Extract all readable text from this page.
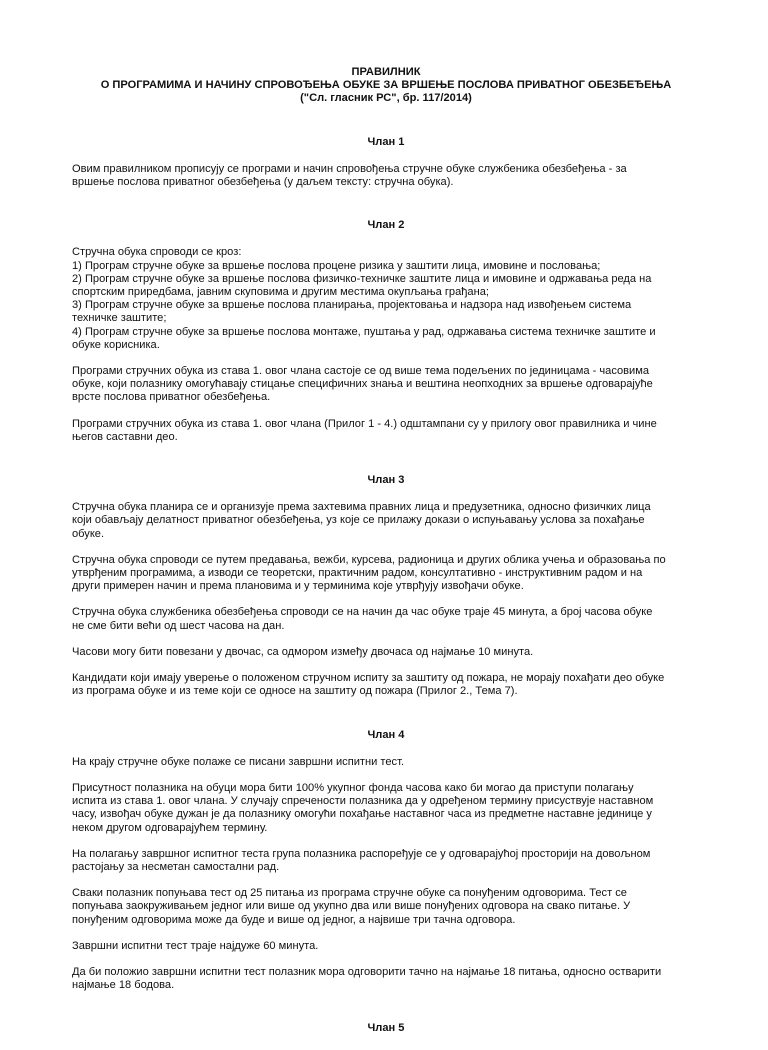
ПРАВИЛНИК
О ПРОГРАМИМА И НАЧИНУ СПРОВОЂЕЊА ОБУКЕ ЗА ВРШЕЊЕ ПОСЛОВА ПРИВАТНОГ ОБЕЗБЕЂЕЊА
("Сл. гласник РС", бр. 117/2014)
Члан 1
Овим правилником прописују се програми и начин спровођења стручне обуке службеника обезбеђења - за
вршење послова приватног обезбеђења (у даљем тексту: стручна обука).
Члан 2
Стручна обука спроводи се кроз:
1) Програм стручне обуке за вршење послова процене ризика у заштити лица, имовине и пословања;
2) Програм стручне обуке за вршење послова физичко-техничке заштите лица и имовине и одржавања реда на
спортским приредбама, јавним скуповима и другим местима окупљања грађана;
3) Програм стручне обуке за вршење послова планирања, пројектовања и надзора над извођењем система
техничке заштите;
4) Програм стручне обуке за вршење послова монтаже, пуштања у рад, одржавања система техничке заштите и
обуке корисника.
Програми стручних обука из става 1. овог члана састоје се од више тема подељених по јединицама - часовима
обуке, који полазнику омогућавају стицање специфичних знања и вештина неопходних за вршење одговарајуће
врсте послова приватног обезбеђења.
Програми стручних обука из става 1. овог члана (Прилог 1 - 4.) одштампани су у прилогу овог правилника и чине
његов саставни део.
Члан 3
Стручна обука планира се и организује према захтевима правних лица и предузетника, односно физичких лица
који обављају делатност приватног обезбеђења, уз које се прилажу докази о испуњавању услова за похађање
обуке.
Стручна обука спроводи се путем предавања, вежби, курсева, радионица и других облика учења и образовања по
утврђеним програмима, а изводи се теоретски, практичним радом, консултативно - инструктивним радом и на
други примерен начин и према плановима и у терминима које утврђују извођачи обуке.
Стручна обука службеника обезбеђења спроводи се на начин да час обуке траје 45 минута, а број часова обуке
не сме бити већи од шест часова на дан.
Часови могу бити повезани у двочас, са одмором између двочаса од најмање 10 минута.
Кандидати који имају уверење о положеном стручном испиту за заштиту од пожара, не морају похађати део обуке
из програма обуке и из теме који се односе на заштиту од пожара (Прилог 2., Тема 7).
Члан 4
На крају стручне обуке полаже се писани завршни испитни тест.
Присутност полазника на обуци мора бити 100% укупног фонда часова како би могао да приступи полагању
испита из става 1. овог члана. У случају спречености полазника да у одређеном термину присуствује наставном
часу, извођач обуке дужан је да полазнику омогући похађање наставног часа из предметне наставне јединице у
неком другом одговарајућем термину.
На полагању завршног испитног теста група полазника распоређује се у одговарајућој просторији на довољном
растојању за несметан самостални рад.
Сваки полазник попуњава тест од 25 питања из програма стручне обуке са понуђеним одговорима. Тест се
попуњава заокруживањем једног или више од укупно два или више понуђених одговора на свако питање. У
понуђеним одговорима може да буде и више од једног, а највише три тачна одговора.
Завршни испитни тест траје најдуже 60 минута.
Да би положио завршни испитни тест полазник мора одговорити тачно на најмање 18 питања, односно остварити
најмање 18 бодова.
Члан 5
